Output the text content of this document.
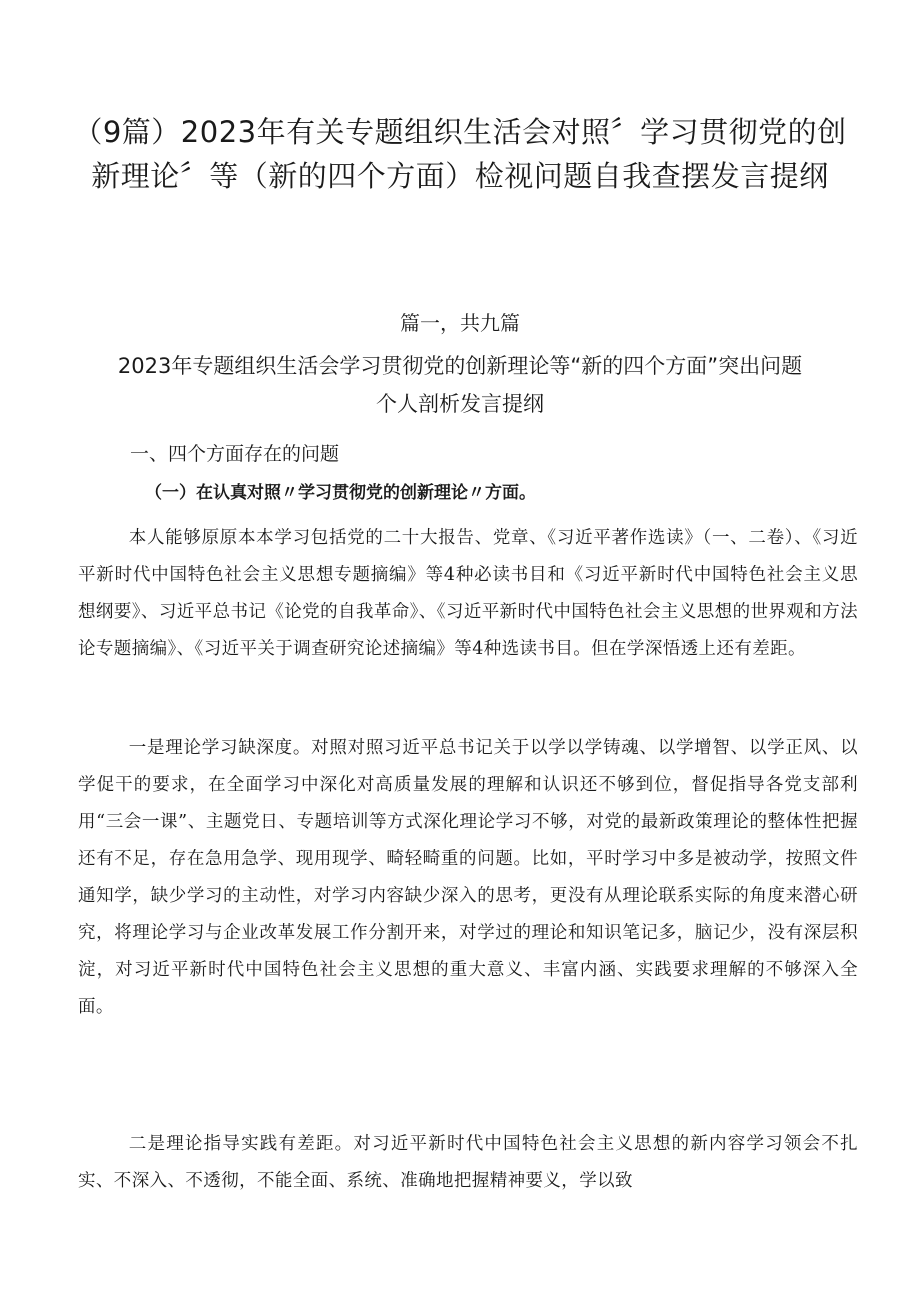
（9篇）2023年有关专题组织生活会对照〞学习贯彻党的创新理论〞等（新的四个方面）检视问题自我查摆发言提纲
篇一，共九篇
2023年专题组织生活会学习贯彻党的创新理论等“新的四个方面”突出问题个人剖析发言提纲
一、四个方面存在的问题
（一）在认真对照〃学习贯彻党的创新理论〃方面。

本人能够原原本本学习包括党的二十大报告、党章、《习近平著作选读》（一、二卷）、《习近平新时代中国特色社会主义思想专题摘编》等4种必读书目和《习近平新时代中国特色社会主义思想纲要》、习近平总书记《论党的自我革命》、《习近平新时代中国特色社会主义思想的世界观和方法论专题摘编》、《习近平关于调查研究论述摘编》等4种选读书目。但在学深悟透上还有差距。

一是理论学习缺深度。对照对照习近平总书记关于以学以学铸魂、以学增智、以学正风、以学促干的要求，在全面学习中深化对高质量发展的理解和认识还不够到位，督促指导各党支部利用“三会一课”、主题党日、专题培训等方式深化理论学习不够，对党的最新政策理论的整体性把握还有不足，存在急用急学、现用现学、畸轻畸重的问题。比如，平时学习中多是被动学，按照文件通知学，缺少学习的主动性，对学习内容缺少深入的思考，更没有从理论联系实际的角度来潜心研究，将理论学习与企业改革发展工作分割开来，对学过的理论和知识笔记多，脑记少，没有深层积淀，对习近平新时代中国特色社会主义思想的重大意义、丰富内涵、实践要求理解的不够深入全面。

二是理论指导实践有差距。对习近平新时代中国特色社会主义思想的新内容学习领会不扎实、不深入、不透彻，不能全面、系统、准确地把握精神要义，学以致
